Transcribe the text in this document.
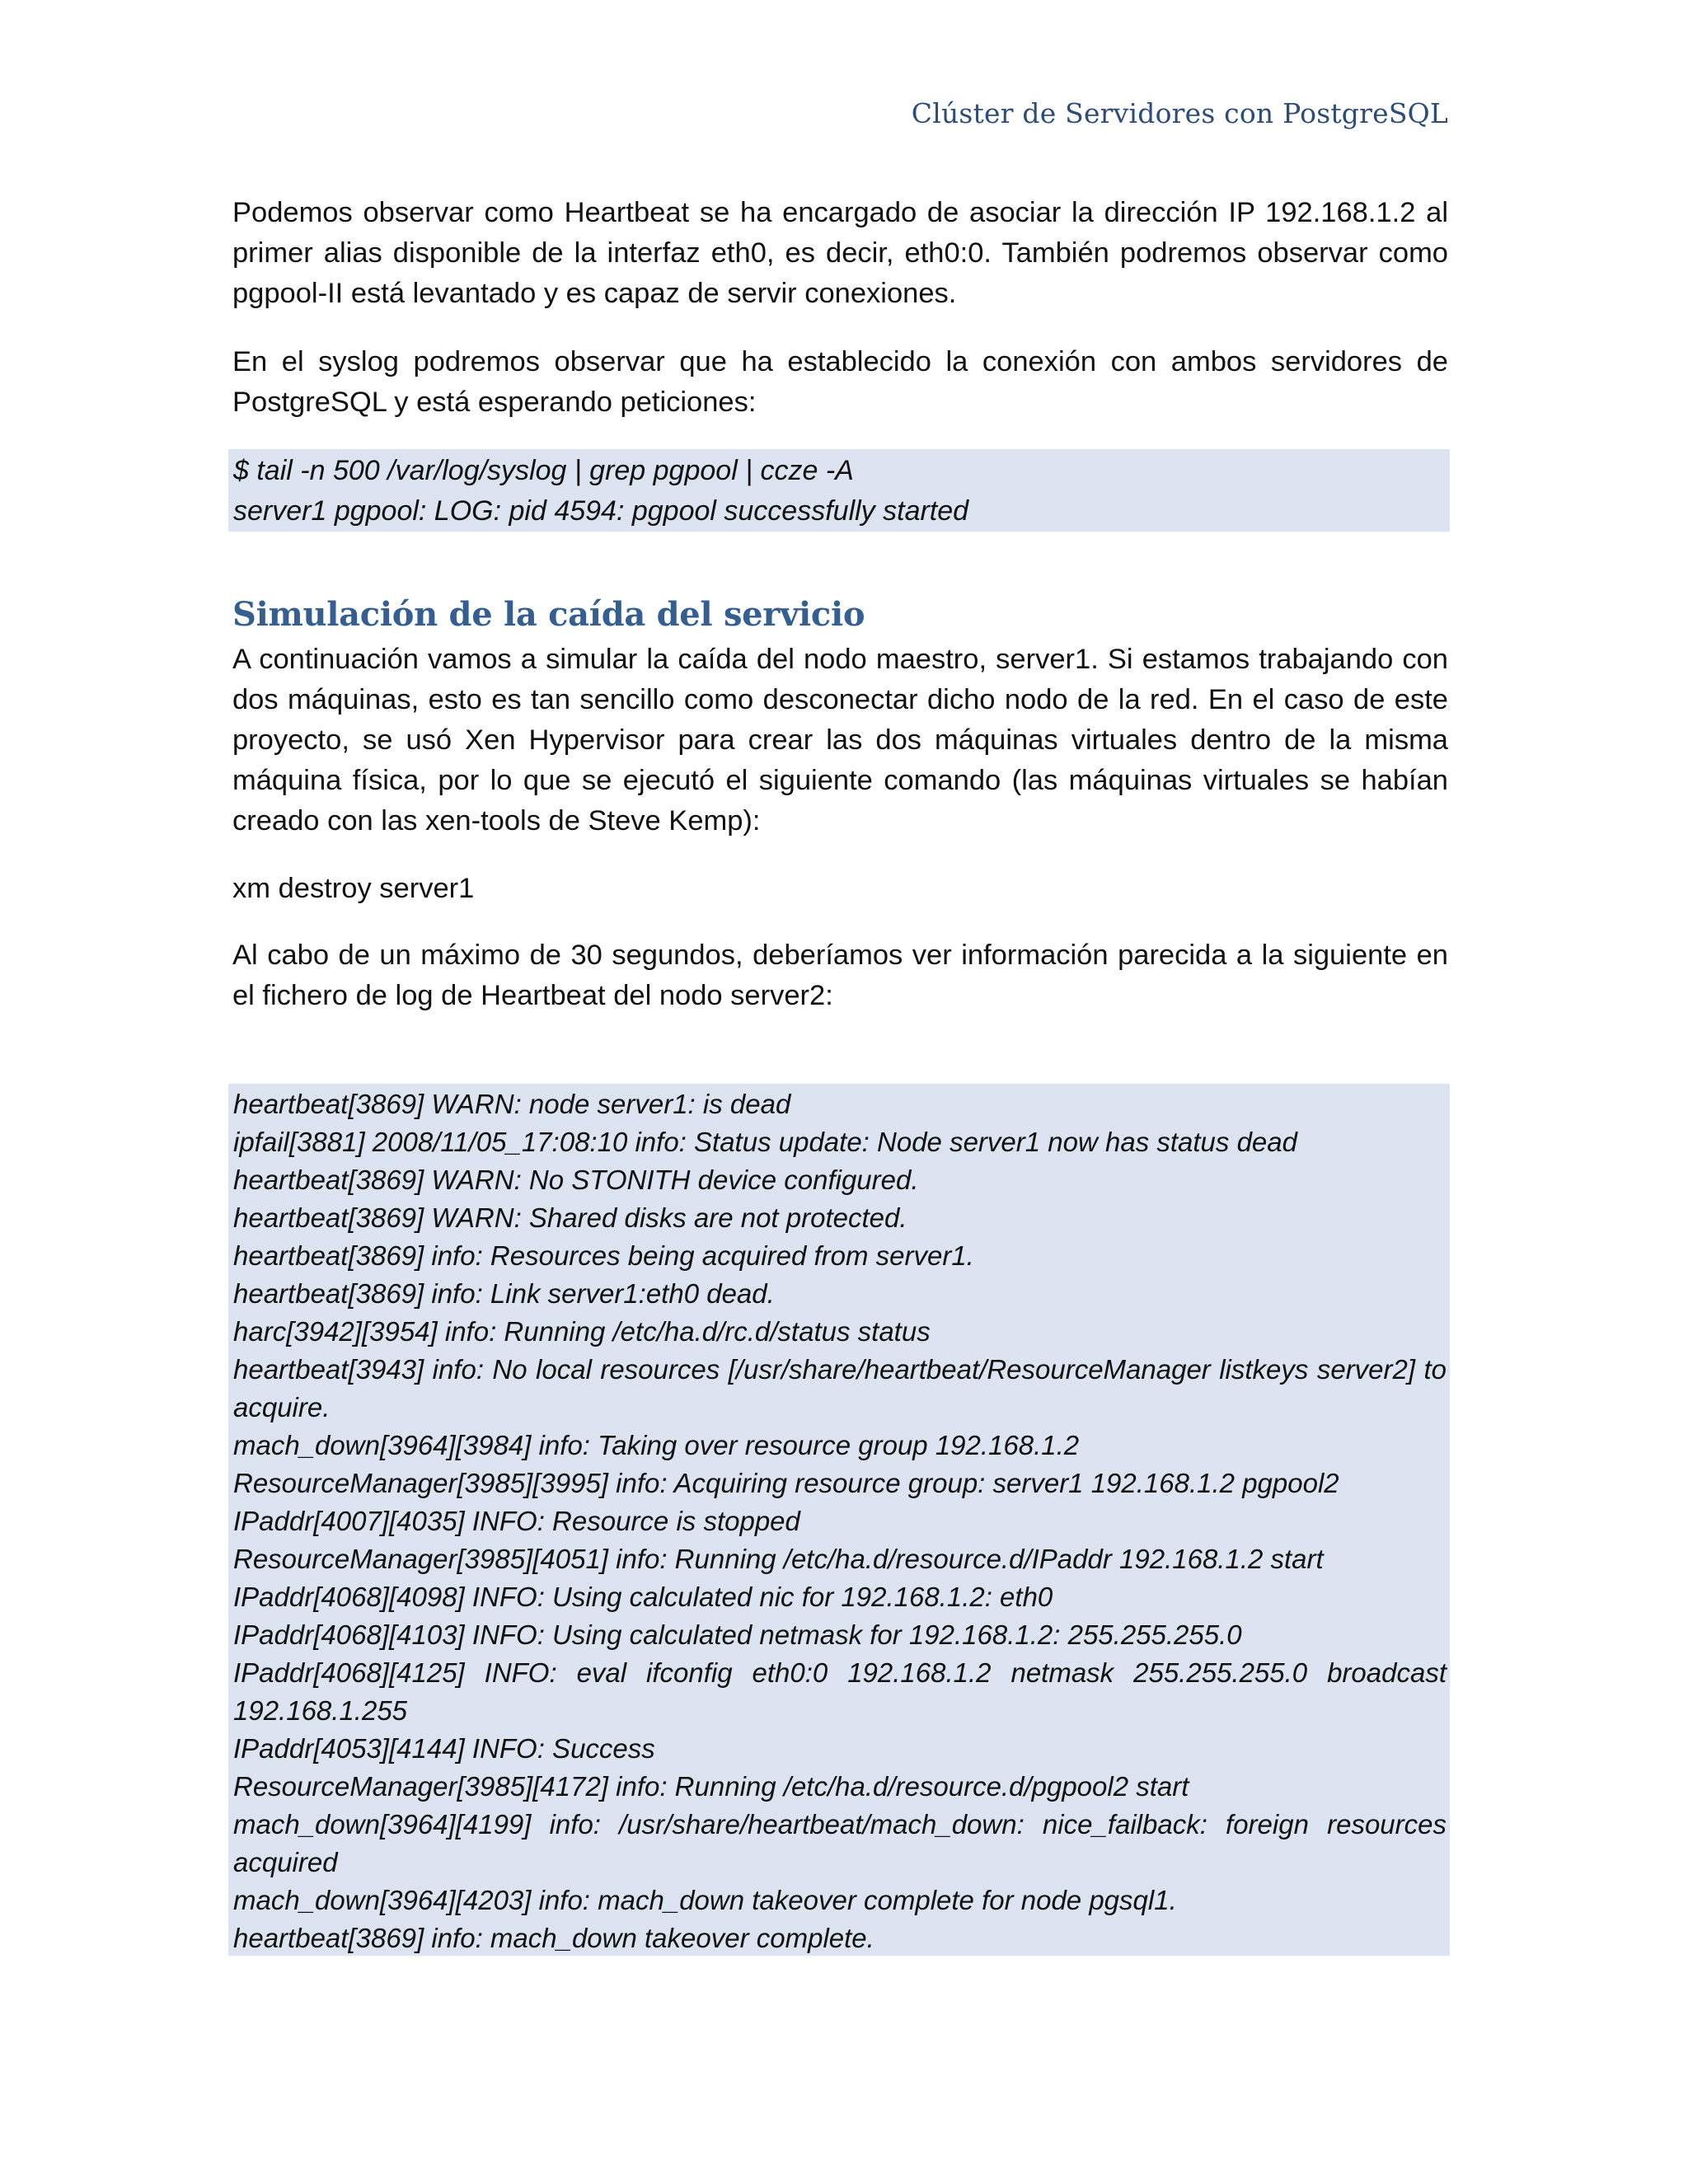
Clúster de Servidores con PostgreSQL

Podemos observar como Heartbeat se ha encargado de asociar la dirección IP 192.168.1.2 al primer alias disponible de la interfaz eth0, es decir, eth0:0. También podremos observar como pgpool-II está levantado y es capaz de servir conexiones.

En el syslog podremos observar que ha establecido la conexión con ambos servidores de PostgreSQL y está esperando peticiones:

$ tail -n 500 /var/log/syslog | grep pgpool | ccze -A
server1 pgpool: LOG: pid 4594: pgpool successfully started
Simulación de la caída del servicio

A continuación vamos a simular la caída del nodo maestro, server1. Si estamos trabajando con dos máquinas, esto es tan sencillo como desconectar dicho nodo de la red. En el caso de este proyecto, se usó Xen Hypervisor para crear las dos máquinas virtuales dentro de la misma máquina física, por lo que se ejecutó el siguiente comando (las máquinas virtuales se habían creado con las xen-tools de Steve Kemp):

xm destroy server1

Al cabo de un máximo de 30 segundos, deberíamos ver información parecida a la siguiente en el fichero de log de Heartbeat del nodo server2:

heartbeat[3869] WARN: node server1: is dead
ipfail[3881] 2008/11/05_17:08:10 info: Status update: Node server1 now has status dead
heartbeat[3869] WARN: No STONITH device configured.
heartbeat[3869] WARN: Shared disks are not protected.
heartbeat[3869] info: Resources being acquired from server1.
heartbeat[3869] info: Link server1:eth0 dead.
harc[3942][3954] info: Running /etc/ha.d/rc.d/status status
heartbeat[3943] info: No local resources [/usr/share/heartbeat/ResourceManager listkeys server2] to acquire.
mach_down[3964][3984] info: Taking over resource group 192.168.1.2
ResourceManager[3985][3995] info: Acquiring resource group: server1 192.168.1.2 pgpool2
IPaddr[4007][4035] INFO: Resource is stopped
ResourceManager[3985][4051] info: Running /etc/ha.d/resource.d/IPaddr 192.168.1.2 start
IPaddr[4068][4098] INFO: Using calculated nic for 192.168.1.2: eth0
IPaddr[4068][4103] INFO: Using calculated netmask for 192.168.1.2: 255.255.255.0
IPaddr[4068][4125] INFO: eval ifconfig eth0:0 192.168.1.2 netmask 255.255.255.0 broadcast 192.168.1.255
IPaddr[4053][4144] INFO: Success
ResourceManager[3985][4172] info: Running /etc/ha.d/resource.d/pgpool2 start
mach_down[3964][4199] info: /usr/share/heartbeat/mach_down: nice_failback: foreign resources acquired
mach_down[3964][4203] info: mach_down takeover complete for node pgsql1.
heartbeat[3869] info: mach_down takeover complete.
